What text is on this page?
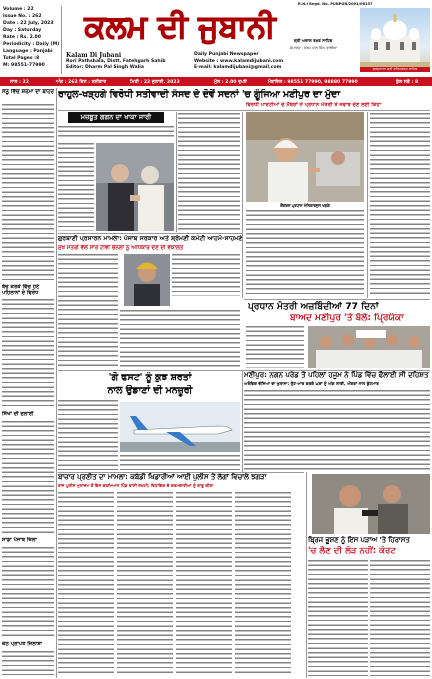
R.N.I Regd. No. PUNPUN/2001/06157
Volume : 22
Issue No. : 262
Date : 22 July, 2023
Day : Saturday
Rate : Rs. 2.00
Periodicity : Daily (M)
Language : Panjabi
Total Pages :8
M: 98551-77990
ਕਲਮ ਦੀ ਜੁਬਾਨੀ
Kalam Di Jubani
Rori Pathshala, Distt. Fatehgarh Sahib
Editor: Dharm Pal Singh Walia
Daily Punjabi Newspaper
Website : www.kalamdijubani.com
E-mail: kalamdijubani@gmail.com
ਸ਼੍ਰੀ ਅਕਾਲ ਤਖ਼ਤ ਸਾਹਿਬ
ਸੰਪਾਦਕ : ਧਰਮ ਪਾਲ ਸਿੰਘ ਵਾਲੀਆ
ਗੁਰਦੁਆਰਾ ਸ੍ਰੀ ਫਤਿਹਗੜ੍ਹ ਸਾਹਿਬ
ਸਾਲ : 22	ਅੰਕ : 262 ਦਿਨ : ਸ਼ਨੀਵਾਰ	ਮਿਤੀ : 22 ਜੁਲਾਈ, 2023	ਮੁੱਲ : 2.00 ਰੁਪਏ	ਮੋਬਾਇਲ : 98551 77990, 98880 77990	ਕੁੱਲ ਸਫ਼ੇ : 8
ਸੋਨੂ ਵਿੱਚ ਸ਼ਰਮਾ ਦਾ ਬਾਹਰ
ਬੱਚ ਕਰਕੇ ਵਿੱਚ ਹੋਣੇ ਪਹਿਲਾਨਾਂ ਦੇ ਵਿਰੋਧ
ਸਿੱਖਾਂ ਦੀ ਜੁਲਾਈ
ਸਾਡਾ ਪੰਜਾਬ ਜ਼ਿਲਾ
ਕੋਠ ਪ੍ਰਾਪਤ ਜਿਲਾਸ਼ਾ
ਰਾਹੁਲ-ਖੜ੍ਹਗੇ ਵਿਰੋਧੀ ਸਤੀਵਾਦੀ ਸੰਸਦ ਦੇ ਦੋਵੇਂ ਸਦਨਾਂ 'ਚ ਗੂੰਜਿਆ ਮਣੀਪੁਰ ਦਾ ਮੁੱਦਾ
ਵਿਰੋਧੀ ਪਾਰਟੀਆਂ ਦੇ ਮੈਂਬਰਾਂ ਨੇ ਪ੍ਰਧਾਨ ਮੰਤਰੀ ਤੋਂ ਜਵਾਬ ਦੇਣ ਲਈ ਕਿਹਾ
ਮਜ਼ਬੂਤ ਗਗਨ ਦਾ ਖਾਕਾ ਜਾਰੀ
ਗੁਰਬਾਣੀ ਪ੍ਰਸਾਰਨ ਮਾਮਲਾ: ਪੰਜਾਬ ਸਰਕਾਰ ਅਤੇ ਸ਼੍ਰੋਮਣੀ ਕਮੇਟੀ ਆਹਮੋ-ਸਾਹਮਣੇ
ਮੁੱਖ ਮੰਤਰੀ ਵੱਲੋਂ ਸਾਰੇ ਟੀਵੀ ਚੈਨਲਾਂ ਨੂੰ ਅਧਿਕਾਰ ਦੇਣ ਦੀ ਵਕਾਲਤ
ਕੌਂਗਰਸ ਪ੍ਰਧਾਨ ਮੱਲਿਕਾਰਜੁਨ ਖੜਗੇ
ਪ੍ਰਧਾਨ ਮੰਤਰੀ ਅਜ਼ਬਿੰਦੀਆਂ 77 ਦਿਨਾਂ
ਬਾਅਦ ਮਣੀਪੁਰ 'ਤੇ ਬੋਲੇ: ਪ੍ਰਿਯੰਕਾ
ਮਣੀਪੁਰ: ਨਗਨ ਪਰੇਡ ਤੋਂ ਪਹਿਲਾਂ ਹਜੂਮ ਨੇ ਪਿੰਡ ਵਿੱਚ ਫੈਲਾਈ ਸੀ ਦਹਿਸ਼ਤ
ਅਰੰਭਿਕ ਦੱਸਿਆਂ ਦਾ ਖੁਲਾਸਾ: ਲੁੱਟ-ਮਾਰ ਕਰਕੇ ਘਰਾਂ ਨੂੰ ਅੱਗ ਲਾਈ, ਔਰਤਾਂ ਨਾਲ ਕੁੱਟਮਾਰ
'ਗੋ ਫਸਟ' ਨੂੰ ਕੁਝ ਸ਼ਰਤਾਂ
ਨਾਲ ਉਡਾਣਾਂ ਦੀ ਮਨਜ਼ੂਰੀ
ਬਾਜ਼ਾਰ ਪ੍ਰਣੀਤ ਦਾ ਮਾਮਲਾ: ਕਬੱਡੀ ਖਿਡਾਰੀਆਂ ਆਈ ਪੁਲੀਸ ਤੋਂ ਲੱਗਾਂ ਵਿਚਾਲੇ ਝਗੜਾ
ਰਾਜ ਪੁਲੀਸ ਮੁਲਾਜ਼ਮ ਤੋਂ ਇਸ ਦਰਮਿਆਨ ਪਿੰਡ ਵਾਸੀ ਜ਼ਖ਼ਮੀ; ਵਿਧਾਇਕ ਦੇ ਕਰਮਚਾਰੀਆਂ ਨੂੰ ਕਾਬੂ ਕੀਤਾ
ਬ੍ਰਿਜ ਭੂਸ਼ਣ ਨੂੰ ਇਸ ਪੜਾਅ 'ਤੇ ਹਿਰਾਸਤ
'ਚ ਲੈਣ ਦੀ ਲੋੜ ਨਹੀਂ: ਕੋਰਟ
